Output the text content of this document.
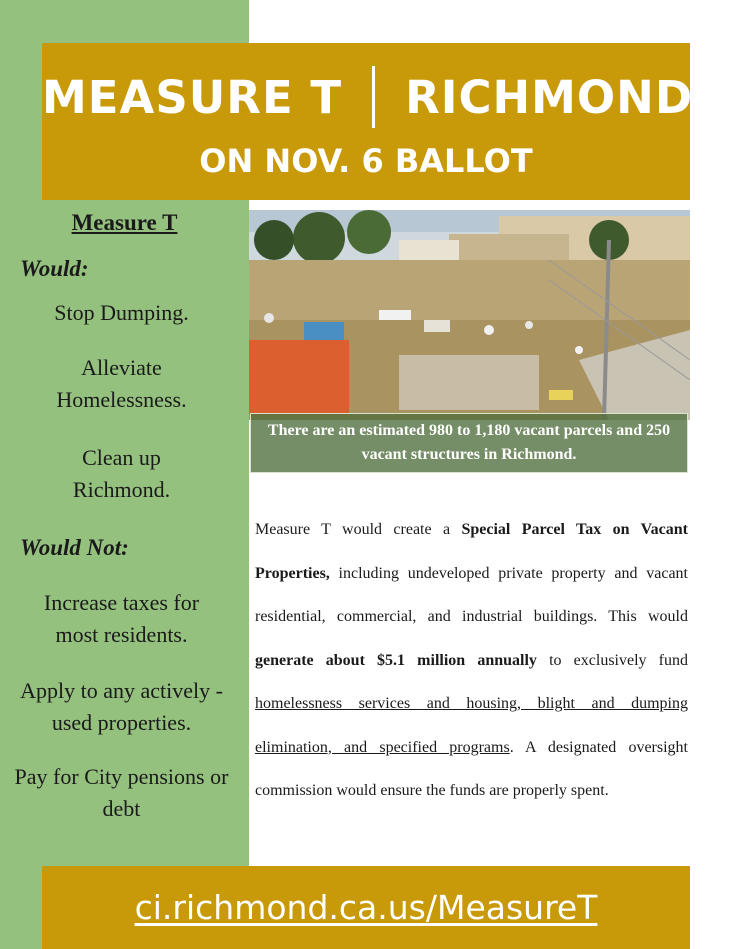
MEASURE T RICHMOND
ON NOV. 6 BALLOT
Measure T
Would:
Stop Dumping.
Alleviate Homelessness.
Clean up Richmond.
Would Not:
Increase taxes for most residents.
Apply to any actively -used properties.
Pay for City pensions or debt
There are an estimated 980 to 1,180 vacant parcels and 250 vacant structures in Richmond.
Measure T would create a Special Parcel Tax on Vacant Properties, including undeveloped private property and vacant residential, commercial, and industrial buildings. This would generate about $5.1 million annually to exclusively fund homelessness services and housing, blight and dumping elimination, and specified programs. A designated oversight commission would ensure the funds are properly spent.
ci.richmond.ca.us/MeasureT
